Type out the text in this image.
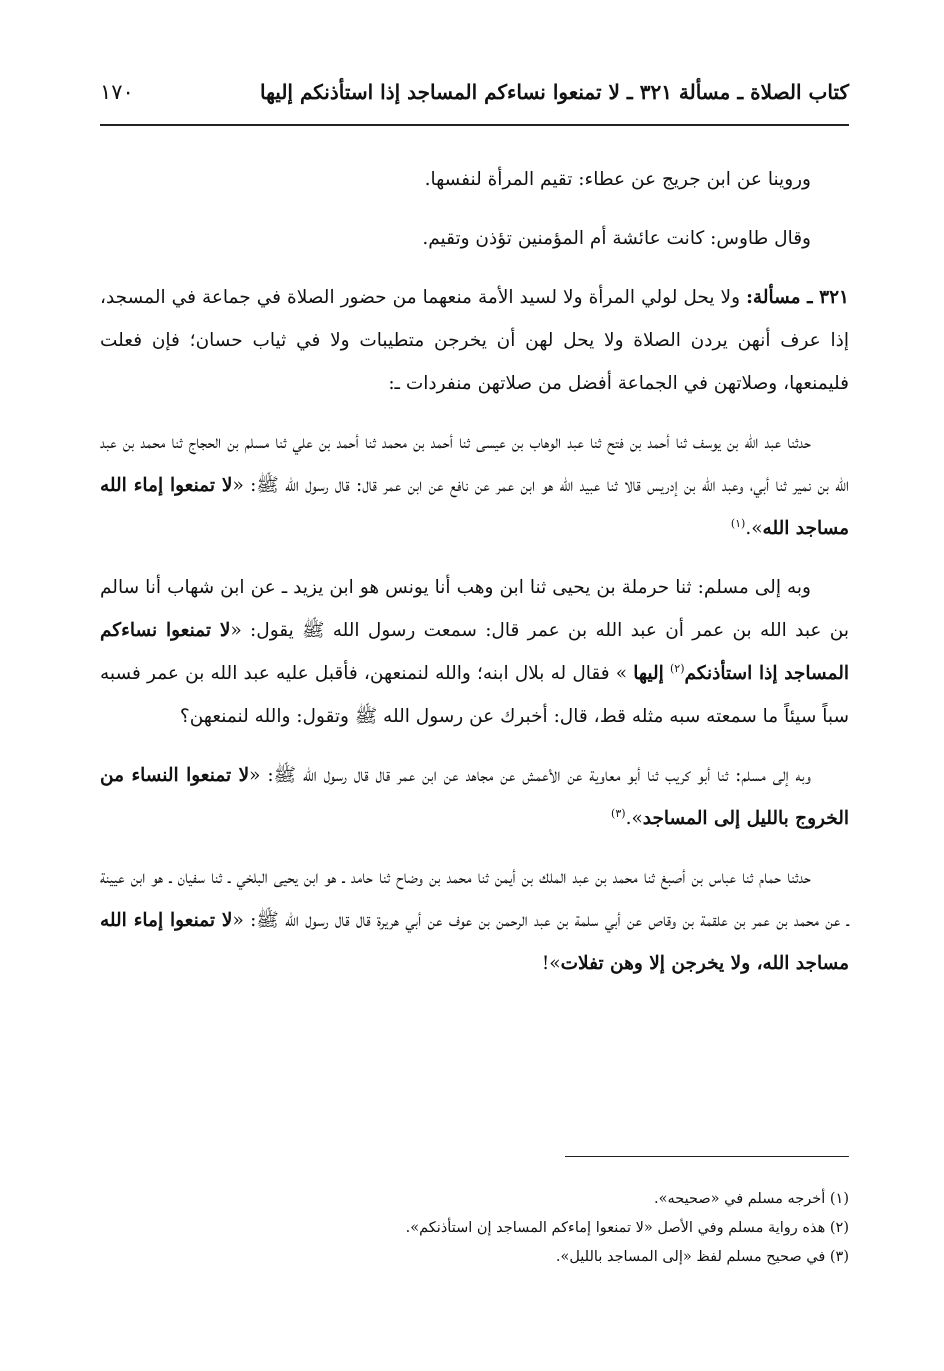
كتاب الصلاة ـ مسألة ٣٢١ ـ لا تمنعوا نساءكم المساجد إذا استأذنكم إليها
١٧٠

وروينا عن ابن جريج عن عطاء: تقيم المرأة لنفسها.

وقال طاوس: كانت عائشة أم المؤمنين تؤذن وتقيم.

٣٢١ ـ مسألة: ولا يحل لولي المرأة ولا لسيد الأمة منعهما من حضور الصلاة في جماعة في المسجد، إذا عرف أنهن يردن الصلاة ولا يحل لهن أن يخرجن متطيبات ولا في ثياب حسان؛ فإن فعلت فليمنعها، وصلاتهن في الجماعة أفضل من صلاتهن منفردات ـ:

حدثنا عبد الله بن يوسف ثنا أحمد بن فتح ثنا عبد الوهاب بن عيسى ثنا أحمد بن محمد ثنا أحمد بن علي ثنا مسلم بن الحجاج ثنا محمد بن عبد الله بن نمير ثنا أبي، وعبد الله بن إدريس قالا ثنا عبيد الله هو ابن عمر عن نافع عن ابن عمر قال: قال رسول الله ﷺ: «لا تمنعوا إماء الله مساجد الله».$^{(١)}$

وبه إلى مسلم: ثنا حرملة بن يحيى ثنا ابن وهب أنا يونس هو ابن يزيد ـ عن ابن شهاب أنا سالم بن عبد الله بن عمر أن عبد الله بن عمر قال: سمعت رسول الله ﷺ يقول: «لا تمنعوا نساءكم المساجد إذا استأذنكم$^{(٢)}$ إليها » فقال له بلال ابنه؛ والله لنمنعهن، فأقبل عليه عبد الله بن عمر فسبه سباً سيئاً ما سمعته سبه مثله قط، قال: أخبرك عن رسول الله ﷺ وتقول: والله لنمنعهن؟

وبه إلى مسلم: ثنا أبو كريب ثنا أبو معاوية عن الأعمش عن مجاهد عن ابن عمر قال قال رسول الله ﷺ: «لا تمنعوا النساء من الخروج بالليل إلى المساجد».$^{(٣)}$

حدثنا حمام ثنا عباس بن أصبغ ثنا محمد بن عبد الملك بن أيمن ثنا محمد بن وضاح ثنا حامد ـ هو ابن يحيى البلخي ـ ثنا سفيان ـ هو ابن عيينة ـ عن محمد بن عمر بن علقمة بن وقاص عن أبي سلمة بن عبد الرحمن بن عوف عن أبي هريرة قال قال رسول الله ﷺ: «لا تمنعوا إماء الله مساجد الله، ولا يخرجن إلا وهن تفلات»!

(١) أخرجه مسلم في «صحيحه».

(٢) هذه رواية مسلم وفي الأصل «لا تمنعوا إماءكم المساجد إن استأذنكم».

(٣) في صحيح مسلم لفظ «إلى المساجد بالليل».
